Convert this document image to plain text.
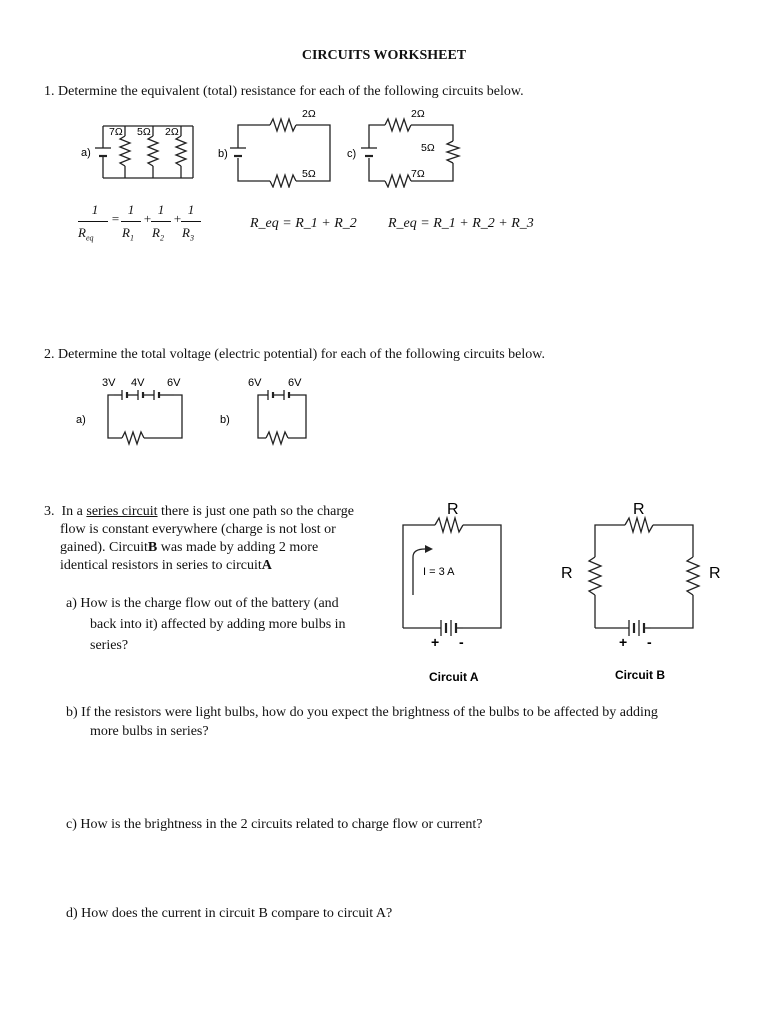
CIRCUITS WORKSHEET
1. Determine the equivalent (total) resistance for each of the following circuits below.
a)
7Ω 5Ω 2Ω
b)
2Ω
5Ω
c)
2Ω
5Ω
7Ω
1
$R_{eq}$
=
1
$R_1$
+
1
$R_2$
+
1
$R_3$
R_eq = R_1 + R_2 R_eq = R_1 + R_2 + R_3
2. Determine the total voltage (electric potential) for each of the following circuits below.
a)
3V 4V 6V
b)
6V 6V
3. In a series circuit there is just one path so the charge
flow is constant everywhere (charge is not lost or
gained). CircuitB was made by adding 2 more
identical resistors in series to circuitA
a) How is the charge flow out of the battery (and
back into it) affected by adding more bulbs in
series?
R
I = 3 A
+ -
Circuit A
R
R	R
+ -
Circuit B
b) If the resistors were light bulbs, how do you expect the brightness of the bulbs to be affected by adding
more bulbs in series?
c) How is the brightness in the 2 circuits related to charge flow or current?
d) How does the current in circuit B compare to circuit A?
